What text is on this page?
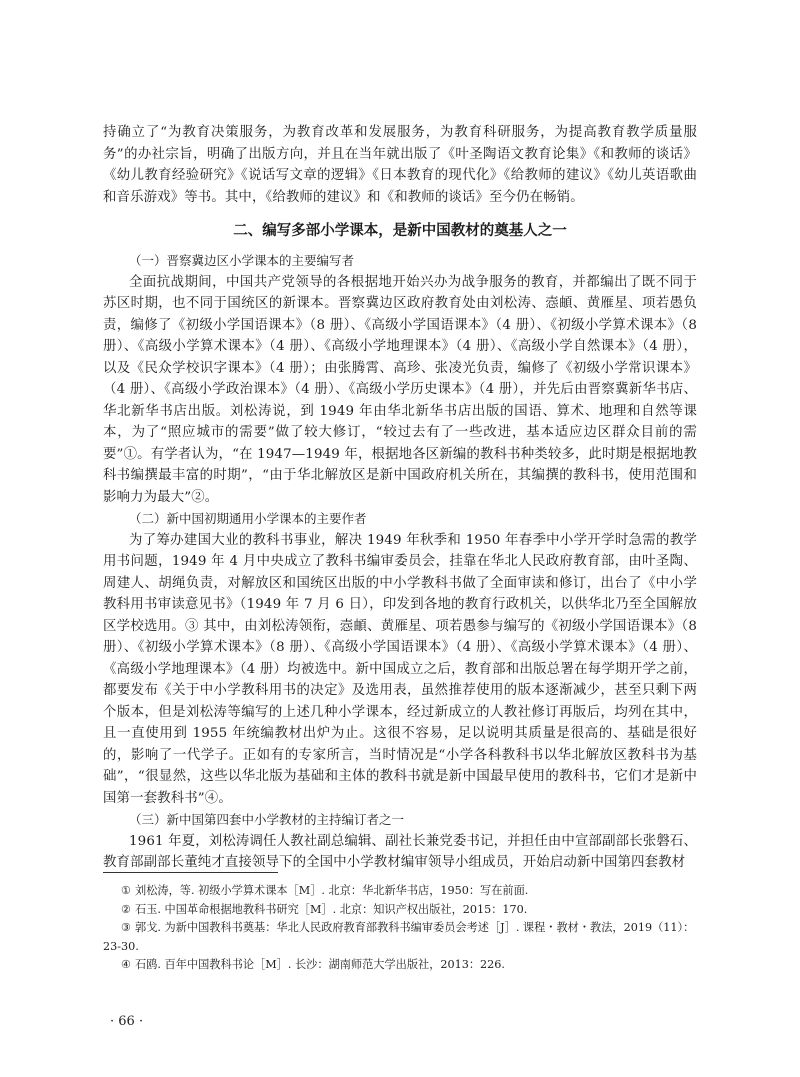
持确立了“为教育决策服务，为教育改革和发展服务，为教育科研服务，为提高教育教学质量服务”的办社宗旨，明确了出版方向，并且在当年就出版了《叶圣陶语文教育论集》《和教师的谈话》《幼儿教育经验研究》《说话写文章的逻辑》《日本教育的现代化》《给教师的建议》《幼儿英语歌曲和音乐游戏》等书。其中，《给教师的建议》和《和教师的谈话》至今仍在畅销。

二、编写多部小学课本，是新中国教材的奠基人之一

（一）晋察冀边区小学课本的主要编写者

全面抗战期间，中国共产党领导的各根据地开始兴办为战争服务的教育，并都编出了既不同于苏区时期，也不同于国统区的新课本。晋察冀边区政府教育处由刘松涛、悫頔、黄雁星、项若愚负责，编修了《初级小学国语课本》（8 册）、《高级小学国语课本》（4 册）、《初级小学算术课本》（8 册）、《高级小学算术课本》（4 册）、《高级小学地理课本》（4 册）、《高级小学自然课本》（4 册），以及《民众学校识字课本》（4 册）；由张腾霄、高珍、张凌光负责，编修了《初级小学常识课本》（4 册）、《高级小学政治课本》（4 册）、《高级小学历史课本》（4 册），并先后由晋察冀新华书店、华北新华书店出版。刘松涛说，到 1949 年由华北新华书店出版的国语、算术、地理和自然等课本，为了“照应城市的需要”做了较大修订，“较过去有了一些改进，基本适应边区群众目前的需要”①。有学者认为，“在 1947—1949 年，根据地各区新编的教科书种类较多，此时期是根据地教科书编撰最丰富的时期”，“由于华北解放区是新中国政府机关所在，其编撰的教科书，使用范围和影响力为最大”②。

（二）新中国初期通用小学课本的主要作者

为了筹办建国大业的教科书事业，解决 1949 年秋季和 1950 年春季中小学开学时急需的教学用书问题，1949 年 4 月中央成立了教科书编审委员会，挂靠在华北人民政府教育部，由叶圣陶、周建人、胡绳负责，对解放区和国统区出版的中小学教科书做了全面审读和修订，出台了《中小学教科用书审读意见书》（1949 年 7 月 6 日），印发到各地的教育行政机关，以供华北乃至全国解放区学校选用。③ 其中，由刘松涛领衔，悫頔、黄雁星、项若愚参与编写的《初级小学国语课本》（8 册）、《初级小学算术课本》（8 册）、《高级小学国语课本》（4 册）、《高级小学算术课本》（4 册）、《高级小学地理课本》（4 册）均被选中。新中国成立之后，教育部和出版总署在每学期开学之前，都要发布《关于中小学教科用书的决定》及选用表，虽然推荐使用的版本逐渐减少，甚至只剩下两个版本，但是刘松涛等编写的上述几种小学课本，经过新成立的人教社修订再版后，均列在其中，且一直使用到 1955 年统编教材出炉为止。这很不容易，足以说明其质量是很高的、基础是很好的，影响了一代学子。正如有的专家所言，当时情况是“小学各科教科书以华北解放区教科书为基础”，“很显然，这些以华北版为基础和主体的教科书就是新中国最早使用的教科书，它们才是新中国第一套教科书”④。

（三）新中国第四套中小学教材的主持编订者之一

1961 年夏，刘松涛调任人教社副总编辑、副社长兼党委书记，并担任由中宣部副部长张磐石、教育部副部长董纯才直接领导下的全国中小学教材编审领导小组成员，开始启动新中国第四套教材

① 刘松涛，等. 初级小学算术课本［M］. 北京：华北新华书店，1950：写在前面.
② 石玉. 中国革命根据地教科书研究［M］. 北京：知识产权出版社，2015：170.
③ 郭戈. 为新中国教科书奠基：华北人民政府教育部教科书编审委员会考述［J］. 课程・教材・教法，2019（11）：23-30.
④ 石鸥. 百年中国教科书论［M］. 长沙：湖南师范大学出版社，2013：226.
· 66 ·
